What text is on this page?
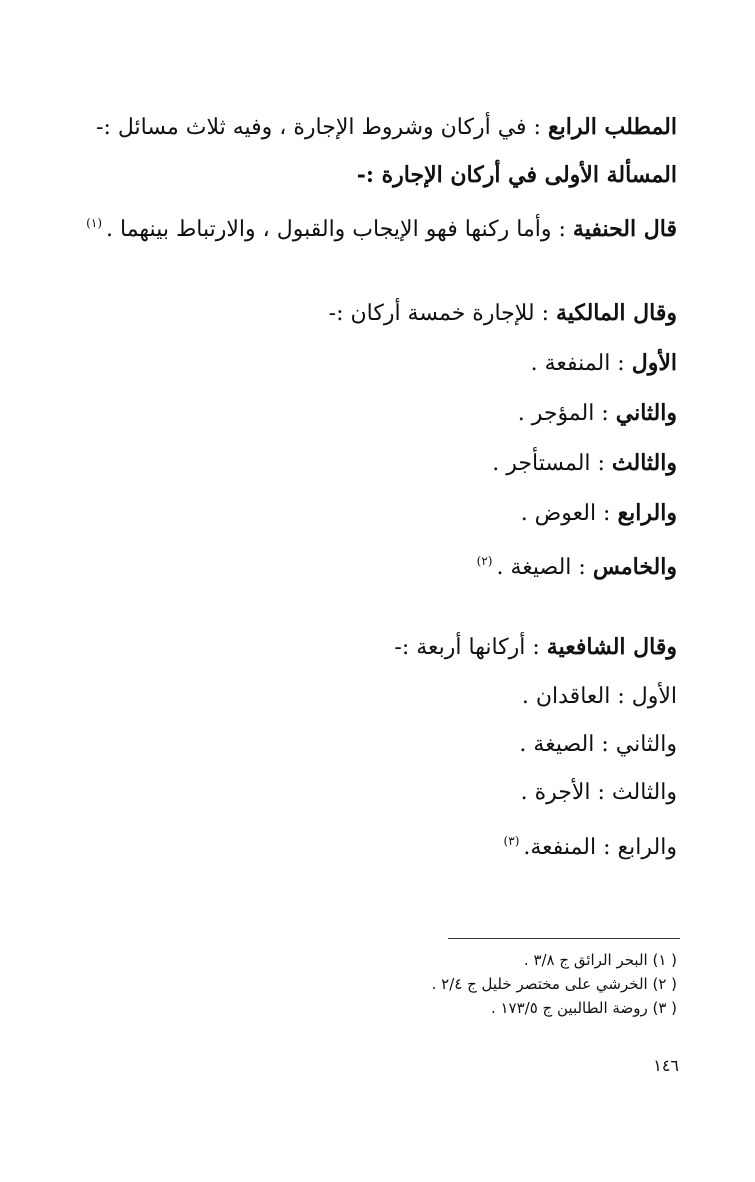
المطلب الرابع : في أركان وشروط الإجارة ، وفيه ثلاث مسائل :-
المسألة الأولى في أركان الإجارة :-
قال الحنفية : وأما ركنها فهو الإيجاب والقبول ، والارتباط بينهما .$^{(١)}$
وقال المالكية : للإجارة خمسة أركان :-
الأول : المنفعة .
والثاني : المؤجر .
والثالث : المستأجر .
والرابع : العوض .
والخامس : الصيغة .$^{(٢)}$
وقال الشافعية : أركانها أربعة :-
الأول : العاقدان .
والثاني : الصيغة .
والثالث : الأجرة .
والرابع : المنفعة.$^{(٣)}$
( ١) البحر الرائق ج ٣/٨ .
( ٢) الخرشي على مختصر خليل ج ٢/٤ .
( ٣) روضة الطالبين ج ١٧٣/٥ .
١٤٦
